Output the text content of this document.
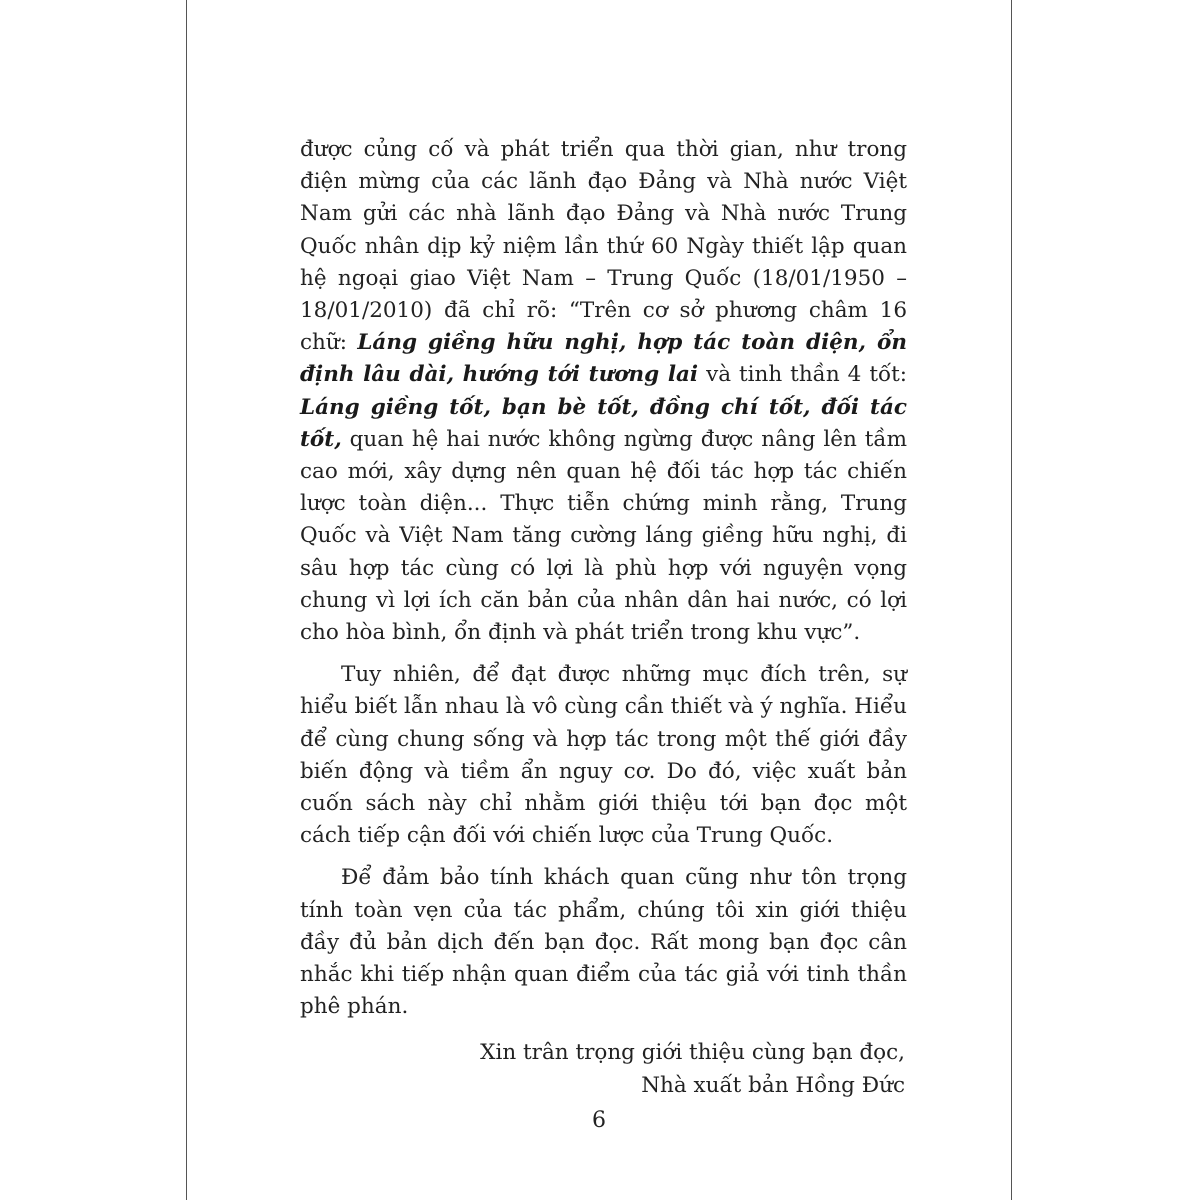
được củng cố và phát triển qua thời gian, như trong điện mừng của các lãnh đạo Đảng và Nhà nước Việt Nam gửi các nhà lãnh đạo Đảng và Nhà nước Trung Quốc nhân dịp kỷ niệm lần thứ 60 Ngày thiết lập quan hệ ngoại giao Việt Nam – Trung Quốc (18/01/1950 – 18/01/2010) đã chỉ rõ: “Trên cơ sở phương châm 16 chữ: Láng giềng hữu nghị, hợp tác toàn diện, ổn định lâu dài, hướng tới tương lai và tinh thần 4 tốt: Láng giềng tốt, bạn bè tốt, đồng chí tốt, đối tác tốt, quan hệ hai nước không ngừng được nâng lên tầm cao mới, xây dựng nên quan hệ đối tác hợp tác chiến lược toàn diện... Thực tiễn chứng minh rằng, Trung Quốc và Việt Nam tăng cường láng giềng hữu nghị, đi sâu hợp tác cùng có lợi là phù hợp với nguyện vọng chung vì lợi ích căn bản của nhân dân hai nước, có lợi cho hòa bình, ổn định và phát triển trong khu vực”.

Tuy nhiên, để đạt được những mục đích trên, sự hiểu biết lẫn nhau là vô cùng cần thiết và ý nghĩa. Hiểu để cùng chung sống và hợp tác trong một thế giới đầy biến động và tiềm ẩn nguy cơ. Do đó, việc xuất bản cuốn sách này chỉ nhằm giới thiệu tới bạn đọc một cách tiếp cận đối với chiến lược của Trung Quốc.

Để đảm bảo tính khách quan cũng như tôn trọng tính toàn vẹn của tác phẩm, chúng tôi xin giới thiệu đầy đủ bản dịch đến bạn đọc. Rất mong bạn đọc cân nhắc khi tiếp nhận quan điểm của tác giả với tinh thần phê phán.

Xin trân trọng giới thiệu cùng bạn đọc,

Nhà xuất bản Hồng Đức

6
